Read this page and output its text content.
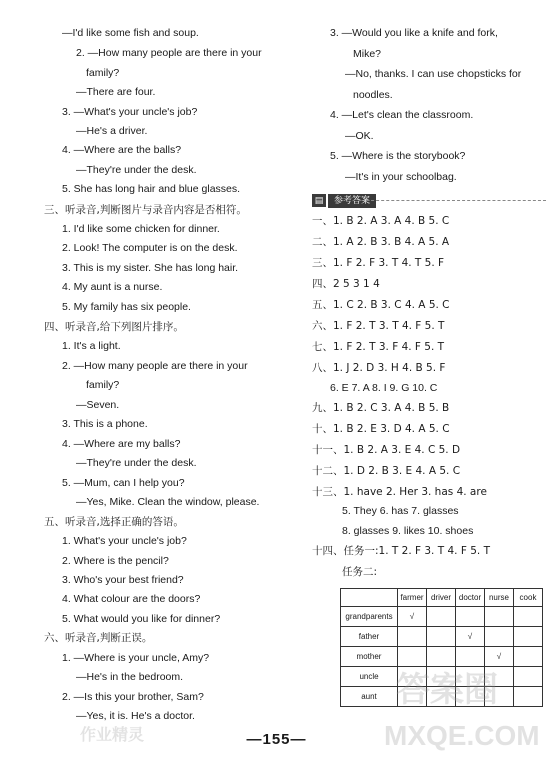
—I'd like some fish and soup.
2. —How many people are there in your
family?
—There are four.
3. —What's your uncle's job?
—He's a driver.
4. —Where are the balls?
—They're under the desk.
5. She has long hair and blue glasses.
三、听录音,判断图片与录音内容是否相符。
1. I'd like some chicken for dinner.
2. Look! The computer is on the desk.
3. This is my sister. She has long hair.
4. My aunt is a nurse.
5. My family has six people.
四、听录音,给下列图片排序。
1. It's a light.
2. —How many people are there in your
family?
—Seven.
3. This is a phone.
4. —Where are my balls?
—They're under the desk.
5. —Mum, can I help you?
—Yes, Mike. Clean the window, please.
五、听录音,选择正确的答语。
1. What's your uncle's job?
2. Where is the pencil?
3. Who's your best friend?
4. What colour are the doors?
5. What would you like for dinner?
六、听录音,判断正误。
1. —Where is your uncle, Amy?
—He's in the bedroom.
2. —Is this your brother, Sam?
—Yes, it is. He's a doctor.
3. —Would you like a knife and fork,
Mike?
—No, thanks. I can use chopsticks for
noodles.
4. —Let's clean the classroom.
—OK.
5. —Where is the storybook?
—It's in your schoolbag.
▤	参考答案
一、1. B 2. A 3. A 4. B 5. C
二、1. A 2. B 3. B 4. A 5. A
三、1. F 2. F 3. T 4. T 5. F
四、2 5 3 1 4
五、1. C 2. B 3. C 4. A 5. C
六、1. F 2. T 3. T 4. F 5. T
七、1. F 2. T 3. F 4. F 5. T
八、1. J 2. D 3. H 4. B 5. F
6. E 7. A 8. I 9. G 10. C
九、1. B 2. C 3. A 4. B 5. B
十、1. B 2. E 3. D 4. A 5. C
十一、1. B 2. A 3. E 4. C 5. D
十二、1. D 2. B 3. E 4. A 5. C
十三、1. have 2. Her 3. has 4. are
5. They 6. has 7. glasses
8. glasses 9. likes 10. shoes
十四、任务一:1. T 2. F 3. T 4. F 5. T
任务二:
	farmer	driver	doctor	nurse	cook
grandparents	√				
father			√		
mother				√	
uncle					
aunt					
—155—
答案圈
MXQE.COM
作业精灵
